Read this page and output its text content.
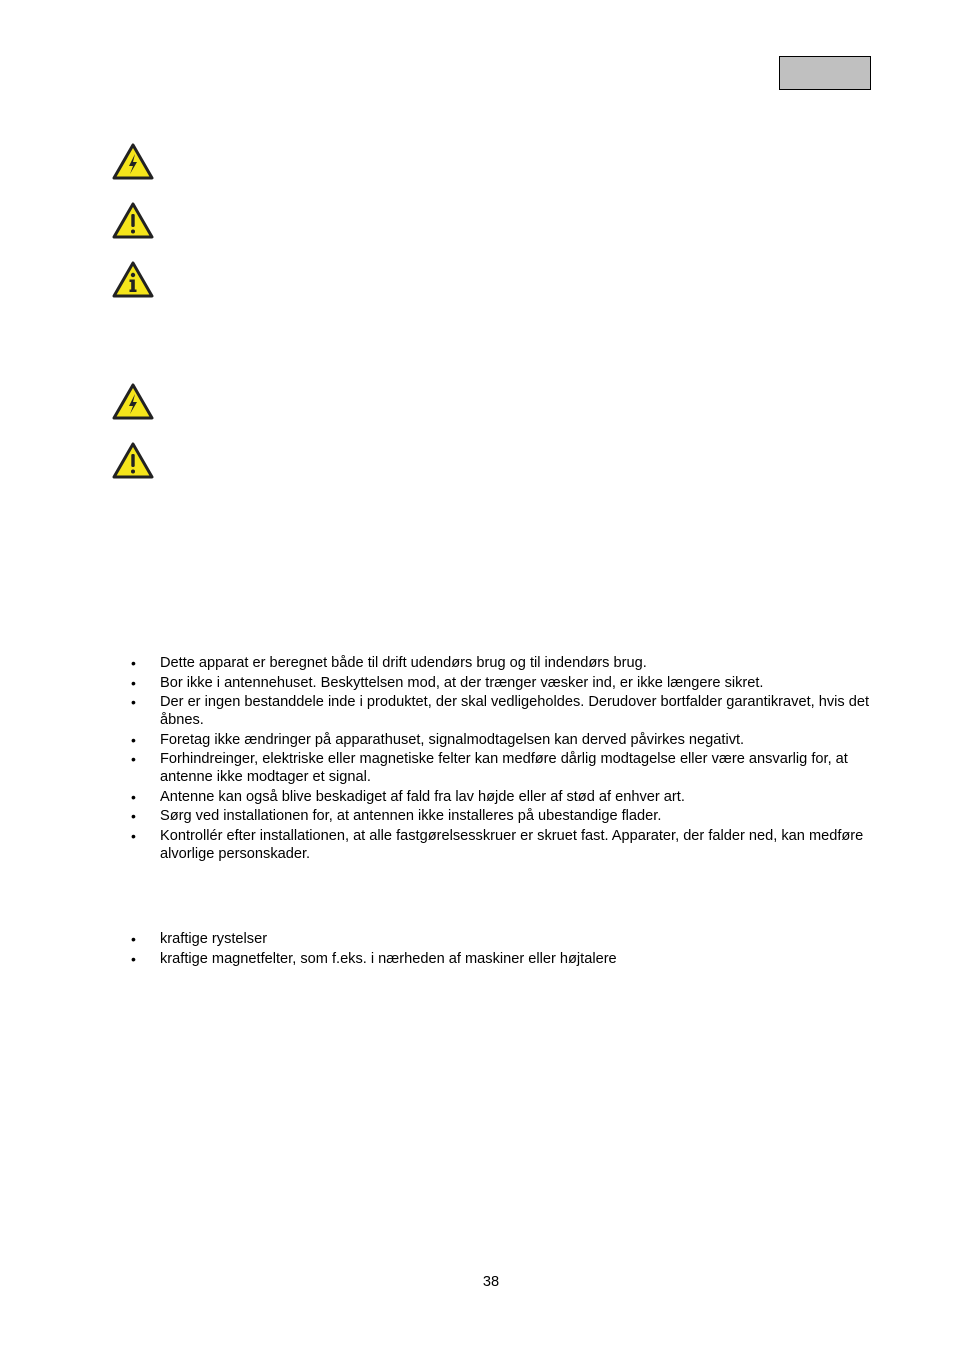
• Dette apparat er beregnet både til drift udendørs brug og til indendørs brug.
• Bor ikke i antennehuset. Beskyttelsen mod, at der trænger væsker ind, er ikke længere sikret.
• Der er ingen bestanddele inde i produktet, der skal vedligeholdes. Derudover bortfalder garantikravet, hvis det åbnes.
• Foretag ikke ændringer på apparathuset, signalmodtagelsen kan derved påvirkes negativt.
• Forhindreinger, elektriske eller magnetiske felter kan medføre dårlig modtagelse eller være ansvarlig for, at antenne ikke modtager et signal.
• Antenne kan også blive beskadiget af fald fra lav højde eller af stød af enhver art.
• Sørg ved installationen for, at antennen ikke installeres på ubestandige flader.
• Kontrollér efter installationen, at alle fastgørelsesskruer er skruet fast. Apparater, der falder ned, kan medføre alvorlige personskader.
• kraftige rystelser
• kraftige magnetfelter, som f.eks. i nærheden af maskiner eller højtalere
38
